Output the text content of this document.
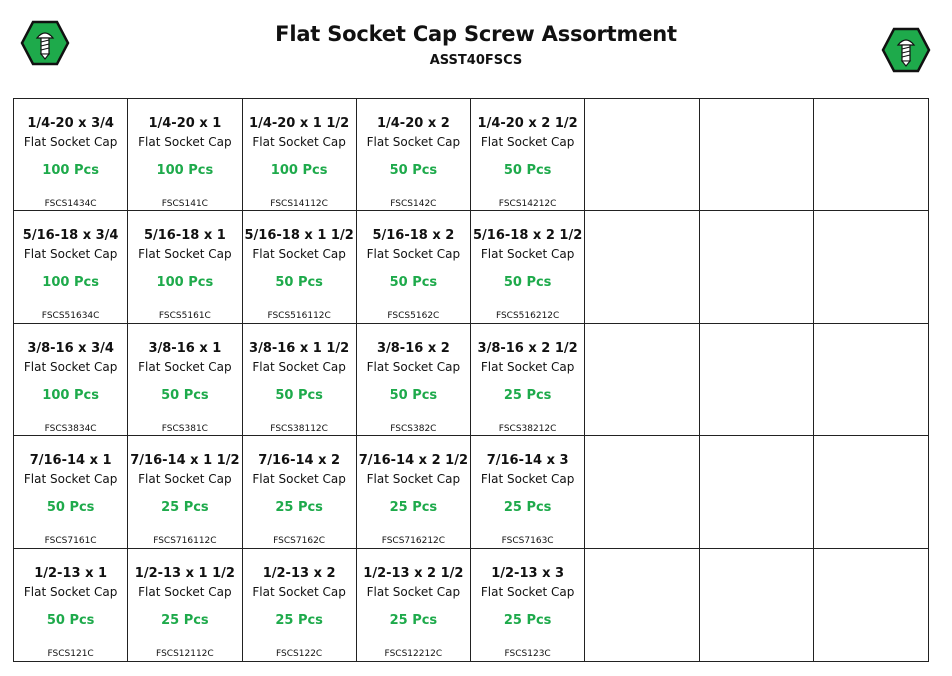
Flat Socket Cap Screw Assortment
ASST40FSCS
1/4-20 x 3/4
Flat Socket Cap
100 Pcs
FSCS1434C
1/4-20 x 1
Flat Socket Cap
100 Pcs
FSCS141C
1/4-20 x 1 1/2
Flat Socket Cap
100 Pcs
FSCS14112C
1/4-20 x 2
Flat Socket Cap
50 Pcs
FSCS142C
1/4-20 x 2 1/2
Flat Socket Cap
50 Pcs
FSCS14212C
5/16-18 x 3/4
Flat Socket Cap
100 Pcs
FSCS51634C
5/16-18 x 1
Flat Socket Cap
100 Pcs
FSCS5161C
5/16-18 x 1 1/2
Flat Socket Cap
50 Pcs
FSCS516112C
5/16-18 x 2
Flat Socket Cap
50 Pcs
FSCS5162C
5/16-18 x 2 1/2
Flat Socket Cap
50 Pcs
FSCS516212C
3/8-16 x 3/4
Flat Socket Cap
100 Pcs
FSCS3834C
3/8-16 x 1
Flat Socket Cap
50 Pcs
FSCS381C
3/8-16 x 1 1/2
Flat Socket Cap
50 Pcs
FSCS38112C
3/8-16 x 2
Flat Socket Cap
50 Pcs
FSCS382C
3/8-16 x 2 1/2
Flat Socket Cap
25 Pcs
FSCS38212C
7/16-14 x 1
Flat Socket Cap
50 Pcs
FSCS7161C
7/16-14 x 1 1/2
Flat Socket Cap
25 Pcs
FSCS716112C
7/16-14 x 2
Flat Socket Cap
25 Pcs
FSCS7162C
7/16-14 x 2 1/2
Flat Socket Cap
25 Pcs
FSCS716212C
7/16-14 x 3
Flat Socket Cap
25 Pcs
FSCS7163C
1/2-13 x 1
Flat Socket Cap
50 Pcs
FSCS121C
1/2-13 x 1 1/2
Flat Socket Cap
25 Pcs
FSCS12112C
1/2-13 x 2
Flat Socket Cap
25 Pcs
FSCS122C
1/2-13 x 2 1/2
Flat Socket Cap
25 Pcs
FSCS12212C
1/2-13 x 3
Flat Socket Cap
25 Pcs
FSCS123C
